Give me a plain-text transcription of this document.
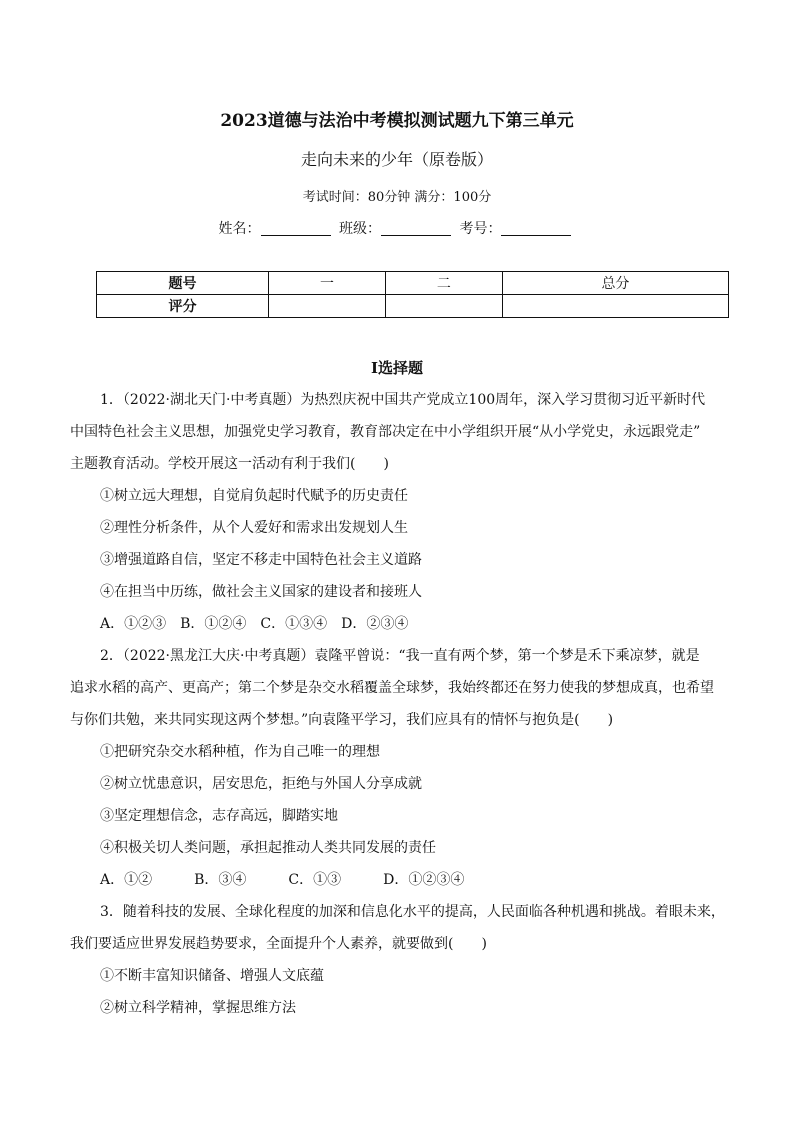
2023道德与法治中考模拟测试题九下第三单元
走向未来的少年（原卷版）
考试时间：80分钟 满分：100分
姓名：	班级：	考号：
题号	一	二	总分
评分			
Ⅰ选择题

1．（2022·湖北天门·中考真题）为热烈庆祝中国共产党成立100周年，深入学习贯彻习近平新时代

中国特色社会主义思想，加强党史学习教育，教育部决定在中小学组织开展“从小学党史，永远跟党走”

主题教育活动。学校开展这一活动有利于我们(　　)

①树立远大理想，自觉肩负起时代赋予的历史责任

②理性分析条件，从个人爱好和需求出发规划人生

③增强道路自信，坚定不移走中国特色社会主义道路

④在担当中历练，做社会主义国家的建设者和接班人

A．①②③　B．①②④　C．①③④　D．②③④

2．（2022·黑龙江大庆·中考真题）袁隆平曾说：“我一直有两个梦，第一个梦是禾下乘凉梦，就是

追求水稻的高产、更高产；第二个梦是杂交水稻覆盖全球梦，我始终都还在努力使我的梦想成真，也希望

与你们共勉，来共同实现这两个梦想。”向袁隆平学习，我们应具有的情怀与抱负是(　　)

①把研究杂交水稻种植，作为自己唯一的理想

②树立忧患意识，居安思危，拒绝与外国人分享成就

③坚定理想信念，志存高远，脚踏实地

④积极关切人类问题，承担起推动人类共同发展的责任

A．①②　　　B．③④　　　C．①③　　　D．①②③④

3．随着科技的发展、全球化程度的加深和信息化水平的提高，人民面临各种机遇和挑战。着眼未来，

我们要适应世界发展趋势要求，全面提升个人素养，就要做到(　　)

①不断丰富知识储备、增强人文底蕴

②树立科学精神，掌握思维方法
